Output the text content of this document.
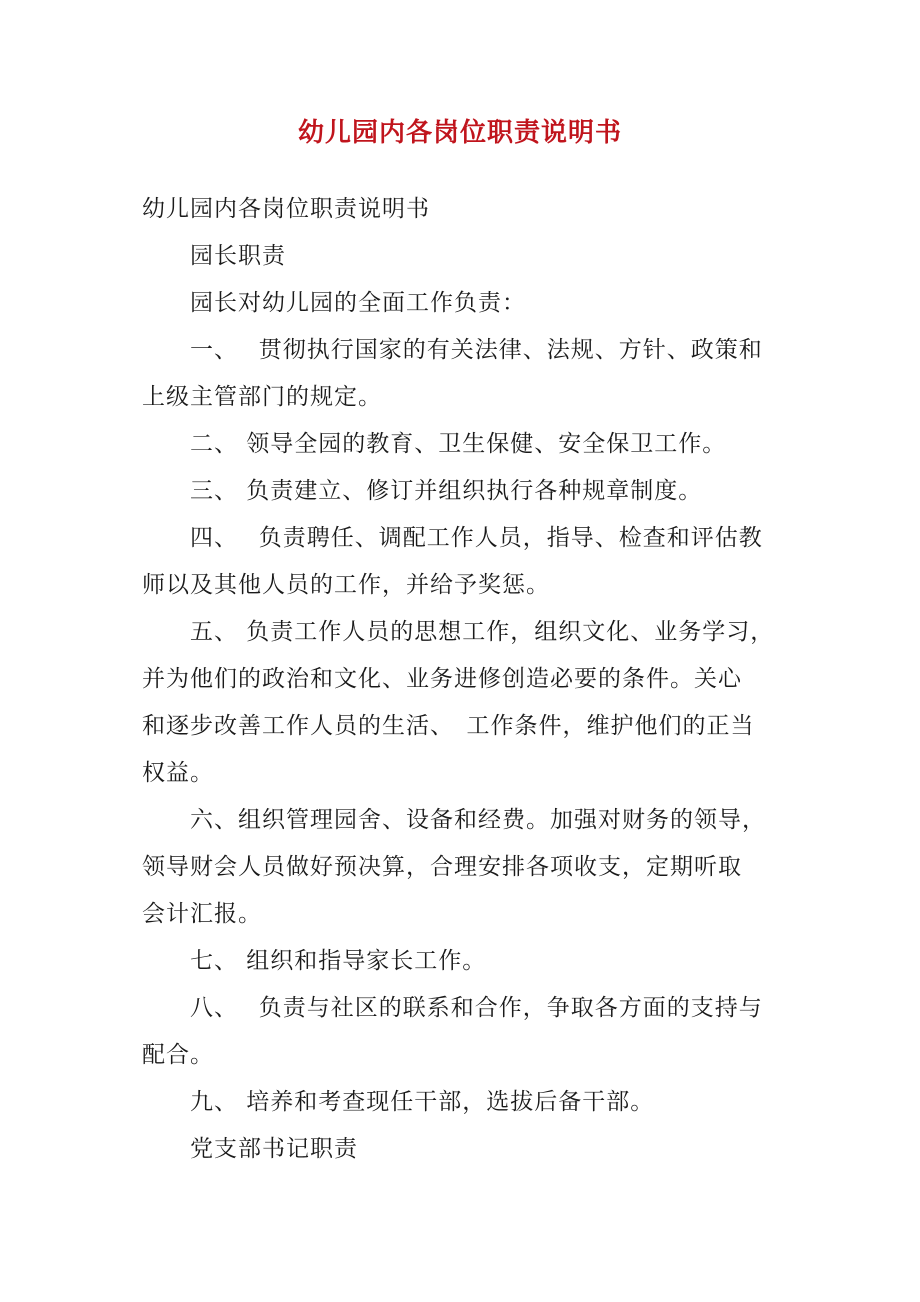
幼儿园内各岗位职责说明书

幼儿园内各岗位职责说明书

园长职责

园长对幼儿园的全面工作负责：

一、　 贯彻执行国家的有关法律、法规、方针、政策和

上级主管部门的规定。

二、 领导全园的教育、卫生保健、安全保卫工作。

三、 负责建立、修订并组织执行各种规章制度。

四、　 负责聘任、调配工作人员，指导、检查和评估教

师以及其他人员的工作，并给予奖惩。

五、 负责工作人员的思想工作，组织文化、业务学习，

并为他们的政治和文化、业务进修创造必要的条件。关心

和逐步改善工作人员的生活、　工作条件，维护他们的正当

权益。

六、组织管理园舍、设备和经费。加强对财务的领导，

领导财会人员做好预决算，合理安排各项收支，定期听取

会计汇报。

七、 组织和指导家长工作。

八、　 负责与社区的联系和合作，争取各方面的支持与

配合。

九、 培养和考查现任干部，选拔后备干部。

党支部书记职责
